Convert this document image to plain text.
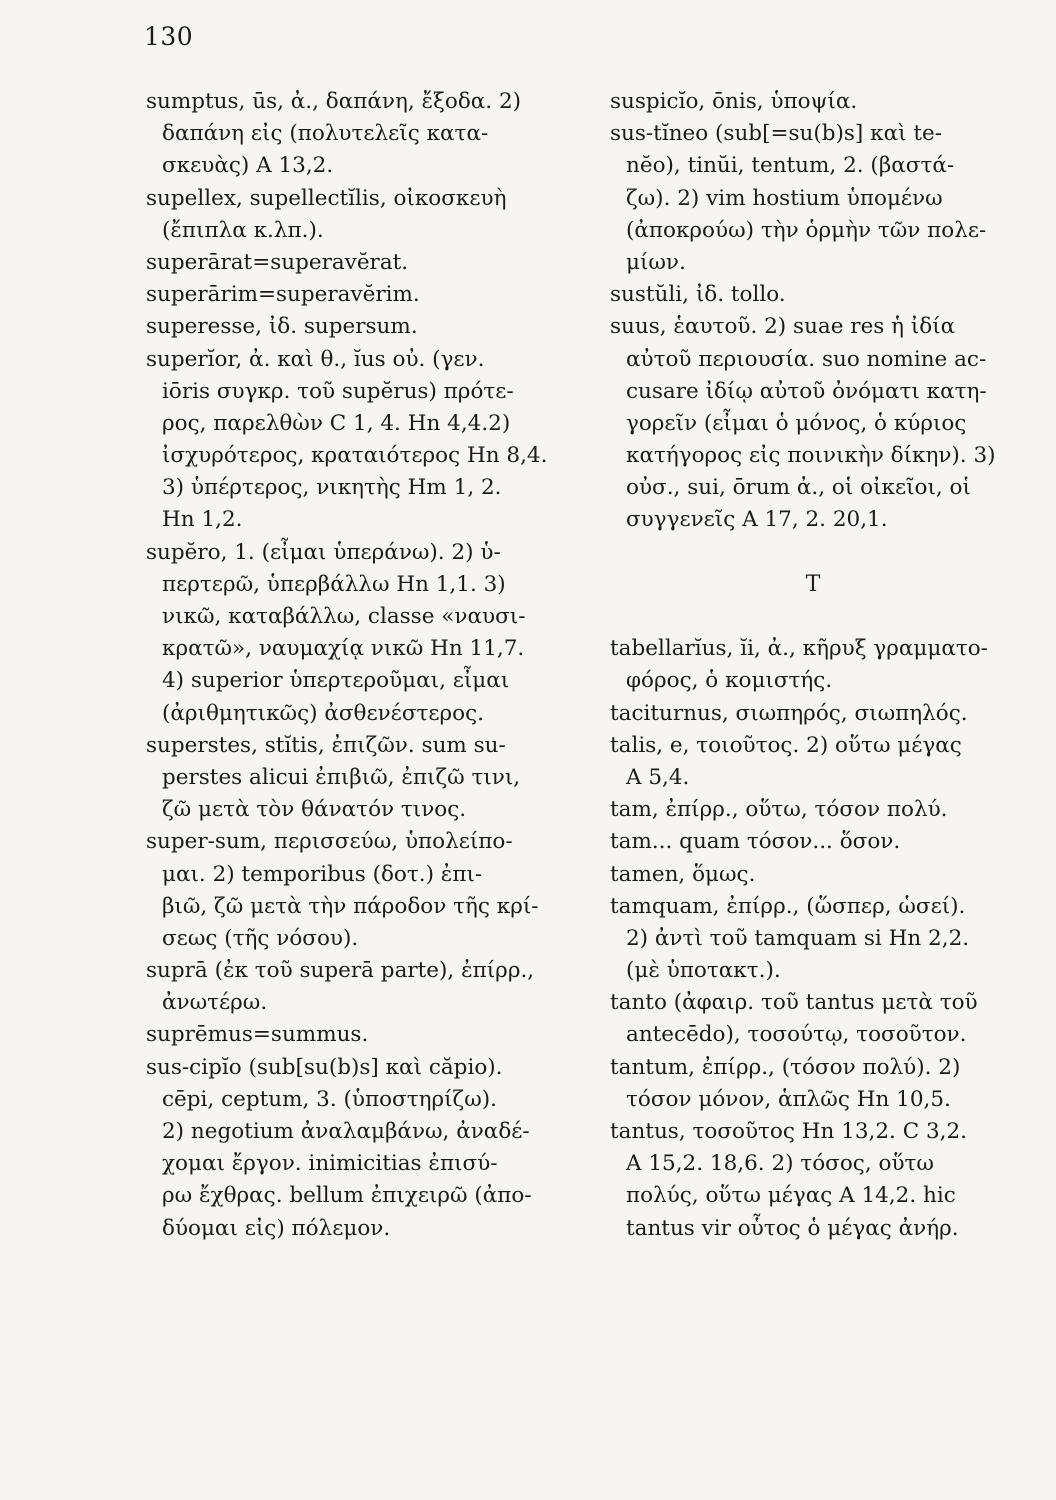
130
sumptus, ūs, ἀ., δαπάνη, ἔξοδα. 2)
δαπάνη εἰς (πολυτελεῖς κατα-
σκευὰς) A 13,2.
supellex, supellectĭlis, οἰκοσκευὴ
(ἔπιπλα κ.λπ.).
superārat=superavĕrat.
superārim=superavĕrim.
superesse, ἰδ. supersum.
superĭor, ἀ. καὶ θ., ĭus οὐ. (γεν.
iōris συγκρ. τοῦ supĕrus) πρότε-
ρος, παρελθὼν C 1, 4. Hn 4,4.2)
ἰσχυρότερος, κραταιότερος Hn 8,4.
3) ὑπέρτερος, νικητὴς Hm 1, 2.
Hn 1,2.
supĕro, 1. (εἶμαι ὑπεράνω). 2) ὑ-
περτερῶ, ὑπερβάλλω Hn 1,1. 3)
νικῶ, καταβάλλω, classe «ναυσι-
κρατῶ», ναυμαχίᾳ νικῶ Hn 11,7.
4) superior ὑπερτεροῦμαι, εἶμαι
(ἀριθμητικῶς) ἀσθενέστερος.
superstes, stĭtis, ἐπιζῶν. sum su-
perstes alicui ἐπιβιῶ, ἐπιζῶ τινι,
ζῶ μετὰ τὸν θάνατόν τινος.
super-sum, περισσεύω, ὑπολείπο-
μαι. 2) temporibus (δοτ.) ἐπι-
βιῶ, ζῶ μετὰ τὴν πάροδον τῆς κρί-
σεως (τῆς νόσου).
suprā (ἐκ τοῦ superā parte), ἐπίρρ.,
ἀνωτέρω.
suprēmus=summus.
sus-cipĭo (sub[su(b)s] καὶ căpio).
cēpi, ceptum, 3. (ὑποστηρίζω).
2) negotium ἀναλαμβάνω, ἀναδέ-
χομαι ἔργον. inimicitias ἐπισύ-
ρω ἔχθρας. bellum ἐπιχειρῶ (ἀπο-
δύομαι εἰς) πόλεμον.
suspicĭo, ōnis, ὑποψία.
sus-tĭneo (sub[=su(b)s] καὶ te-
nĕo), tinŭi, tentum, 2. (βαστά-
ζω). 2) vim hostium ὑπομένω
(ἀποκρούω) τὴν ὁρμὴν τῶν πολε-
μίων.
sustŭli, ἰδ. tollo.
suus, ἑαυτοῦ. 2) suae res ἡ ἰδία
αὐτοῦ περιουσία. suo nomine ac-
cusare ἰδίῳ αὐτοῦ ὀνόματι κατη-
γορεῖν (εἶμαι ὁ μόνος, ὁ κύριος
κατήγορος εἰς ποινικὴν δίκην). 3)
οὐσ., sui, ōrum ἀ., οἱ οἰκεῖοι, οἱ
συγγενεῖς A 17, 2. 20,1.
T
tabellarĭus, ĭi, ἀ., κῆρυξ γραμματο-
φόρος, ὁ κομιστής.
taciturnus, σιωπηρός, σιωπηλός.
talis, e, τοιοῦτος. 2) οὕτω μέγας
A 5,4.
tam, ἐπίρρ., οὕτω, τόσον πολύ.
tam... quam τόσον... ὅσον.
tamen, ὅμως.
tamquam, ἐπίρρ., (ὥσπερ, ὡσεί).
2) ἀντὶ τοῦ tamquam si Hn 2,2.
(μὲ ὑποτακτ.).
tanto (ἀφαιρ. τοῦ tantus μετὰ τοῦ
antecēdo), τοσούτῳ, τοσοῦτον.
tantum, ἐπίρρ., (τόσον πολύ). 2)
τόσον μόνον, ἁπλῶς Hn 10,5.
tantus, τοσοῦτος Hn 13,2. C 3,2.
A 15,2. 18,6. 2) τόσος, οὕτω
πολύς, οὕτω μέγας A 14,2. hic
tantus vir οὗτος ὁ μέγας ἀνήρ.
